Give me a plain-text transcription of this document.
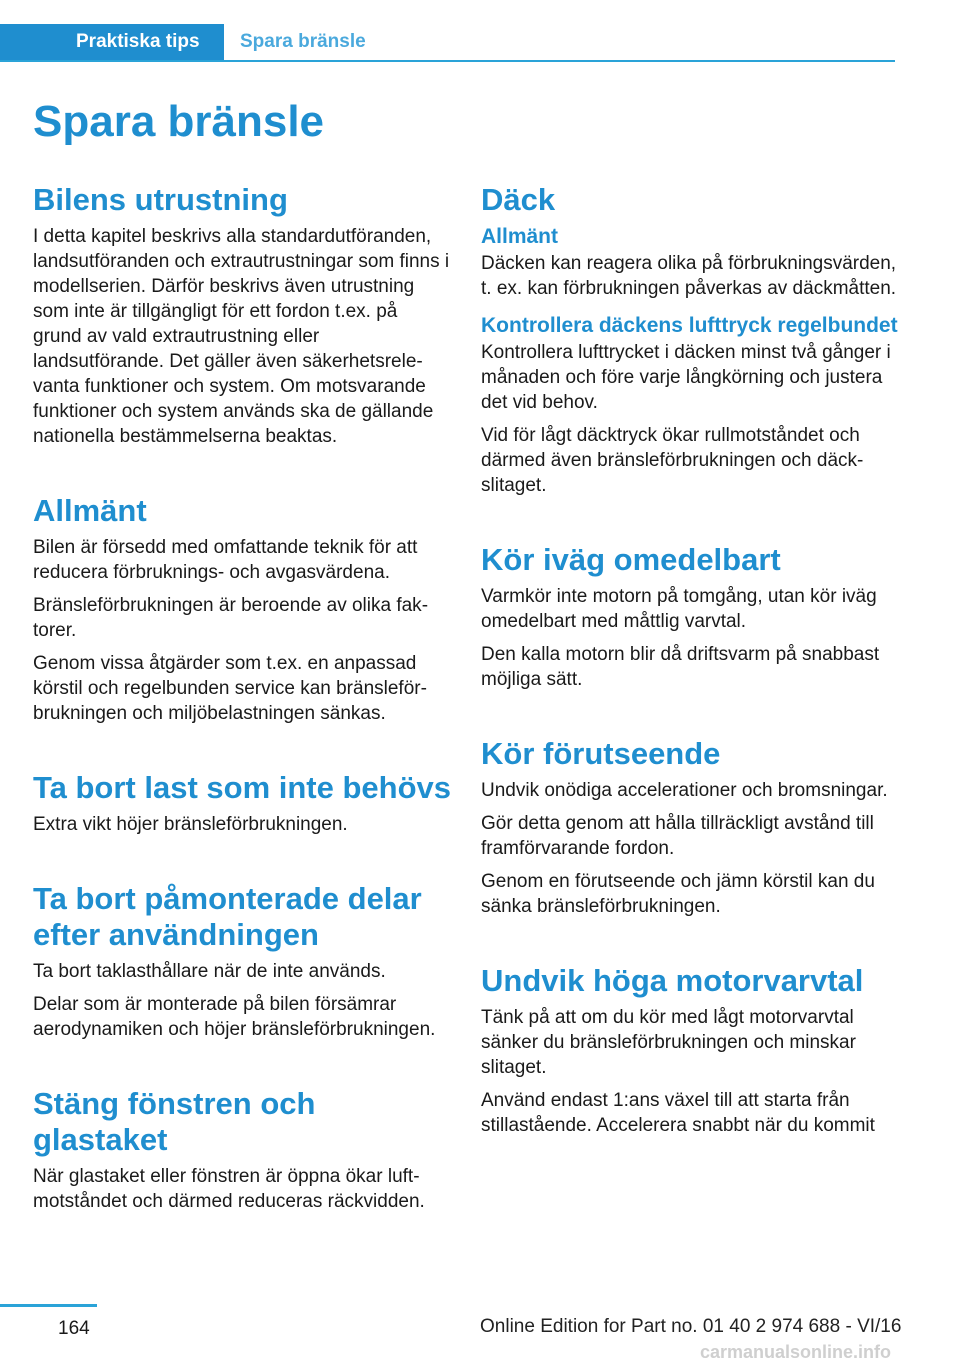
Praktiska tips	Spara bränsle
Spara bränsle
Bilens utrustning

I detta kapitel beskrivs alla standardutföranden, landsutföranden och extrautrustningar som finns i modellserien. Därför beskrivs även utrustning som inte är tillgängligt för ett fordon t.ex. på grund av vald extrautrustning eller landsutförande. Det gäller även säkerhetsrelevanta funktioner och system. Om motsvarande funktioner och system används ska de gällande nationella bestämmelserna beaktas.

Allmänt

Bilen är försedd med omfattande teknik för att reducera förbruknings- och avgasvärdena.

Bränsleförbrukningen är beroende av olika faktorer.

Genom vissa åtgärder som t.ex. en anpassad körstil och regelbunden service kan bränsleförbrukningen och miljöbelastningen sänkas.

Ta bort last som inte behövs

Extra vikt höjer bränsleförbrukningen.

Ta bort påmonterade delar efter användningen

Ta bort taklasthållare när de inte används.

Delar som är monterade på bilen försämrar aerodynamiken och höjer bränsleförbrukningen.

Stäng fönstren och glastaket

När glastaket eller fönstren är öppna ökar luftmotståndet och därmed reduceras räckvidden.

Däck
Allmänt

Däcken kan reagera olika på förbrukningsvärden, t. ex. kan förbrukningen påverkas av däckmåtten.

Kontrollera däckens lufttryck regelbundet

Kontrollera lufttrycket i däcken minst två gånger i månaden och före varje långkörning och justera det vid behov.

Vid för lågt däcktryck ökar rullmotståndet och därmed även bränsleförbrukningen och däckslitaget.

Kör iväg omedelbart

Varmkör inte motorn på tomgång, utan kör iväg omedelbart med måttlig varvtal.

Den kalla motorn blir då driftsvarm på snabbast möjliga sätt.

Kör förutseende

Undvik onödiga accelerationer och bromsningar.

Gör detta genom att hålla tillräckligt avstånd till framförvarande fordon.

Genom en förutseende och jämn körstil kan du sänka bränsleförbrukningen.

Undvik höga motorvarvtal

Tänk på att om du kör med lågt motorvarvtal sänker du bränsleförbrukningen och minskar slitaget.

Använd endast 1:ans växel till att starta från stillastående. Accelerera snabbt när du kommit

164	Online Edition for Part no. 01 40 2 974 688 - VI/16
carmanualsonline.info
